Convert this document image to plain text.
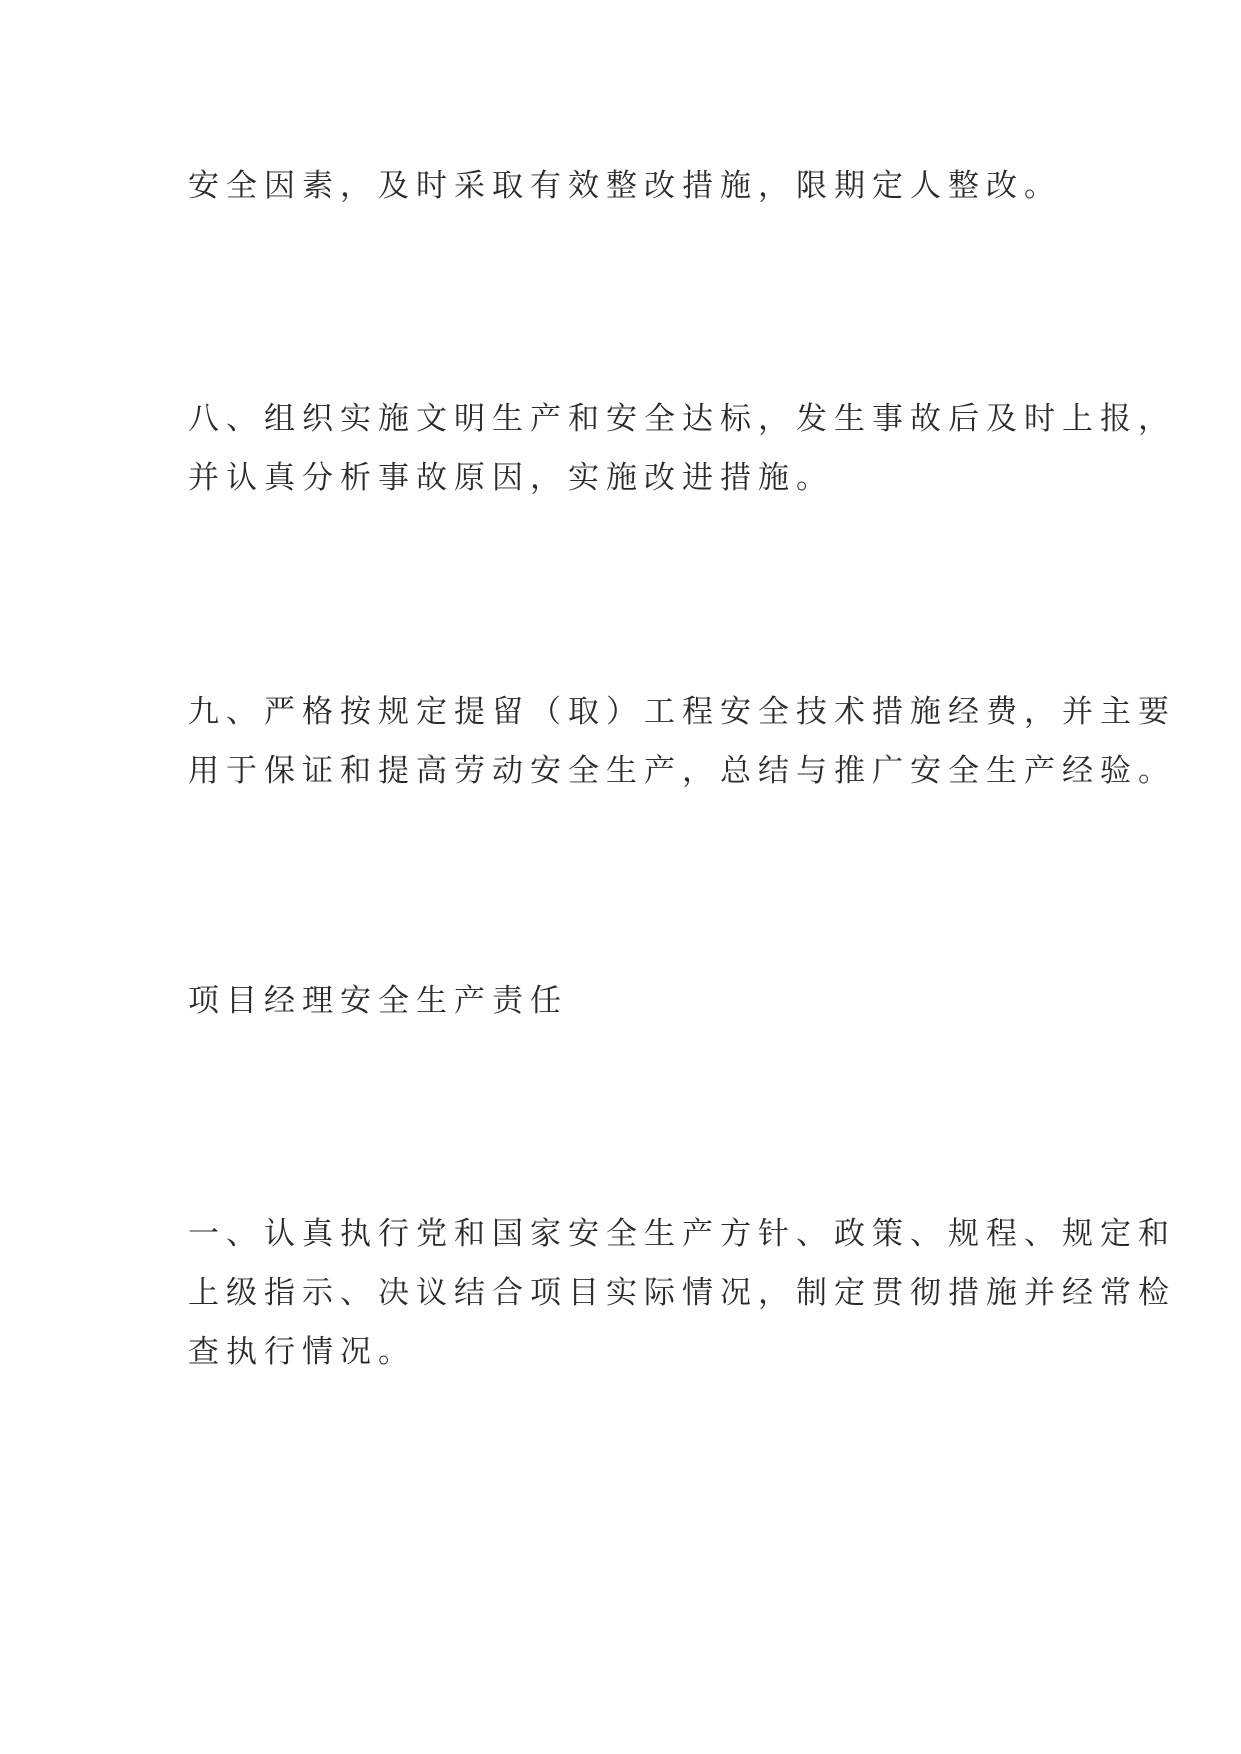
安全因素，及时采取有效整改措施，限期定人整改。

八、组织实施文明生产和安全达标，发生事故后及时上报，
并认真分析事故原因，实施改进措施。

九、严格按规定提留（取）工程安全技术措施经费，并主要
用于保证和提高劳动安全生产，总结与推广安全生产经验。

项目经理安全生产责任

一、认真执行党和国家安全生产方针、政策、规程、规定和
上级指示、决议结合项目实际情况，制定贯彻措施并经常检
查执行情况。
